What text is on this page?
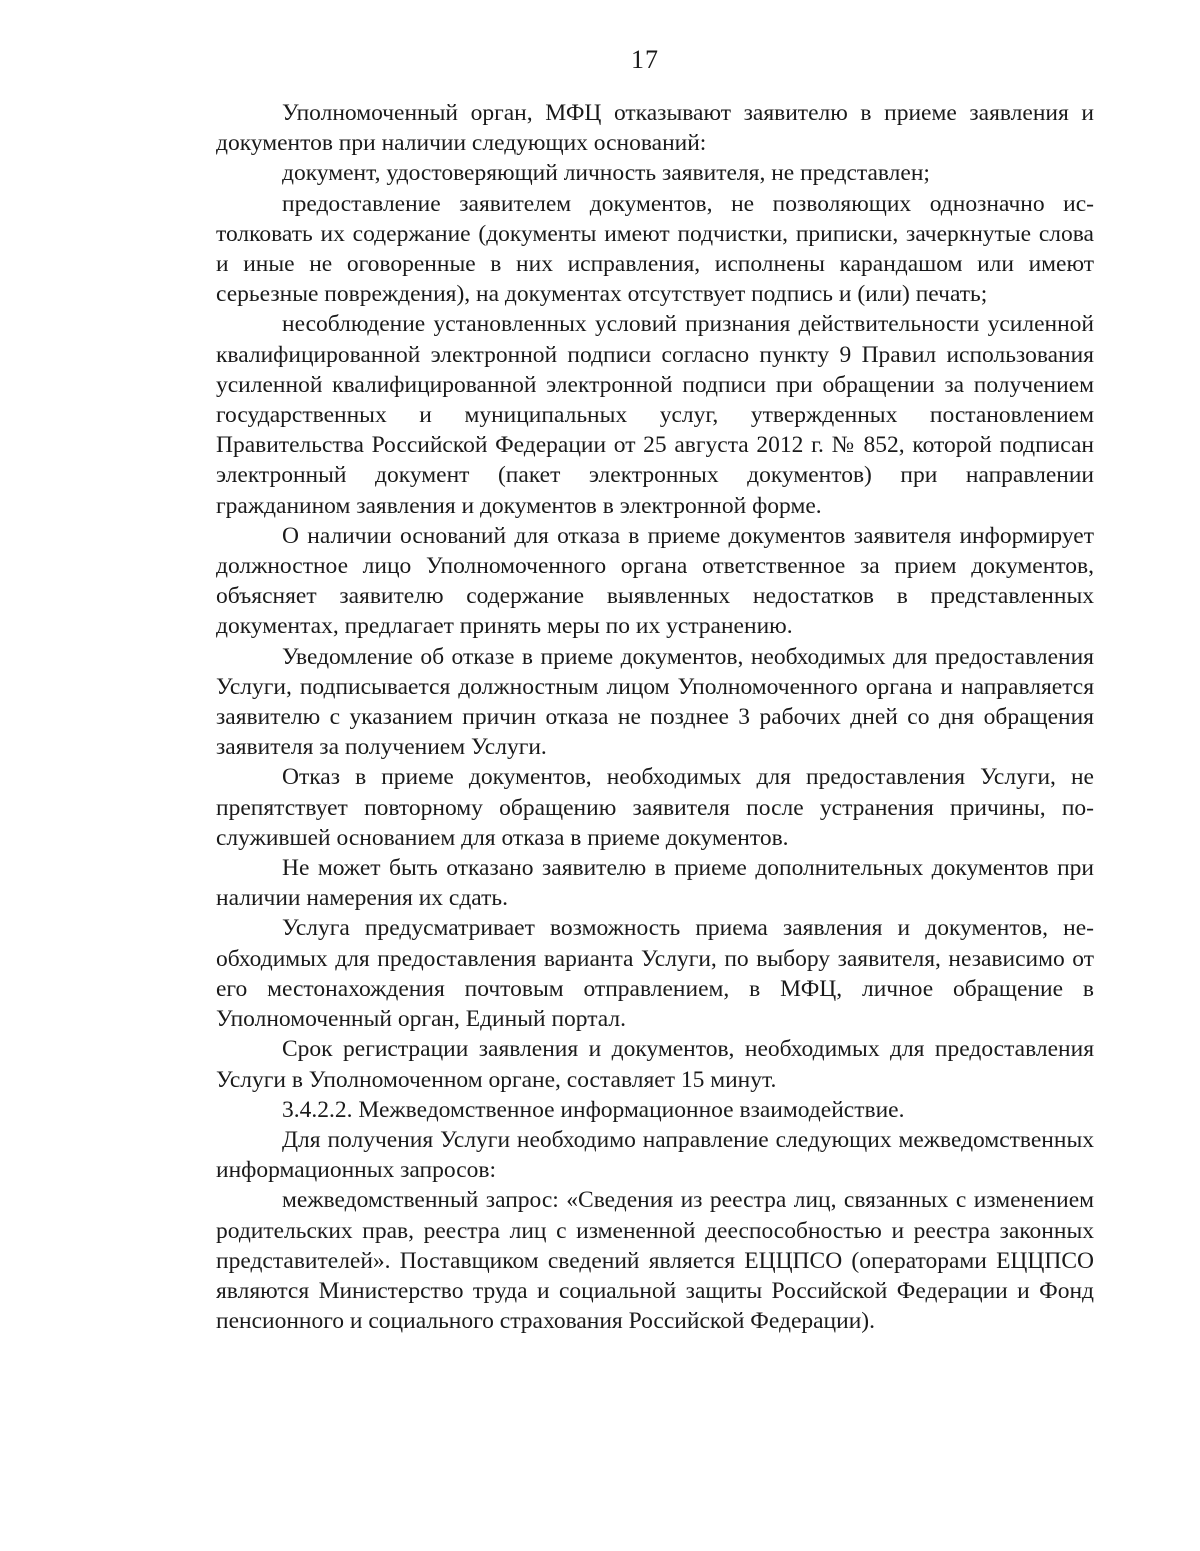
17

Уполномоченный орган, МФЦ отказывают заявителю в приеме заявления и документов при наличии следующих оснований:

документ, удостоверяющий личность заявителя, не представлен;

предоставление заявителем документов, не позволяющих однозначно истолковать их содержание (документы имеют подчистки, приписки, зачеркнутые слова и иные не оговоренные в них исправления, исполнены карандашом или имеют серьезные повреждения), на документах отсутствует подпись и (или) печать;

несоблюдение установленных условий признания действительности усиленной квалифицированной электронной подписи согласно пункту 9 Правил использования усиленной квалифицированной электронной подписи при обращении за получением государственных и муниципальных услуг, утвержденных постановлением Правительства Российской Федерации от 25 августа 2012 г. № 852, которой подписан электронный документ (пакет электронных документов) при направлении гражданином заявления и документов в электронной форме.

О наличии оснований для отказа в приеме документов заявителя информирует должностное лицо Уполномоченного органа ответственное за прием документов, объясняет заявителю содержание выявленных недостатков в представленных документах, предлагает принять меры по их устранению.

Уведомление об отказе в приеме документов, необходимых для предоставления Услуги, подписывается должностным лицом Уполномоченного органа и направляется заявителю с указанием причин отказа не позднее 3 рабочих дней со дня обращения заявителя за получением Услуги.

Отказ в приеме документов, необходимых для предоставления Услуги, не препятствует повторному обращению заявителя после устранения причины, послужившей основанием для отказа в приеме документов.

Не может быть отказано заявителю в приеме дополнительных документов при наличии намерения их сдать.

Услуга предусматривает возможность приема заявления и документов, необходимых для предоставления варианта Услуги, по выбору заявителя, независимо от его местонахождения почтовым отправлением, в МФЦ, личное обращение в Уполномоченный орган, Единый портал.

Срок регистрации заявления и документов, необходимых для предоставления Услуги в Уполномоченном органе, составляет 15 минут.

3.4.2.2. Межведомственное информационное взаимодействие.

Для получения Услуги необходимо направление следующих межведомственных информационных запросов:

межведомственный запрос: «Сведения из реестра лиц, связанных с изменением родительских прав, реестра лиц с измененной дееспособностью и реестра законных представителей». Поставщиком сведений является ЕЦЦПСО (операторами ЕЦЦПСО являются Министерство труда и социальной защиты Российской Федерации и Фонд пенсионного и социального страхования Российской Федерации).
